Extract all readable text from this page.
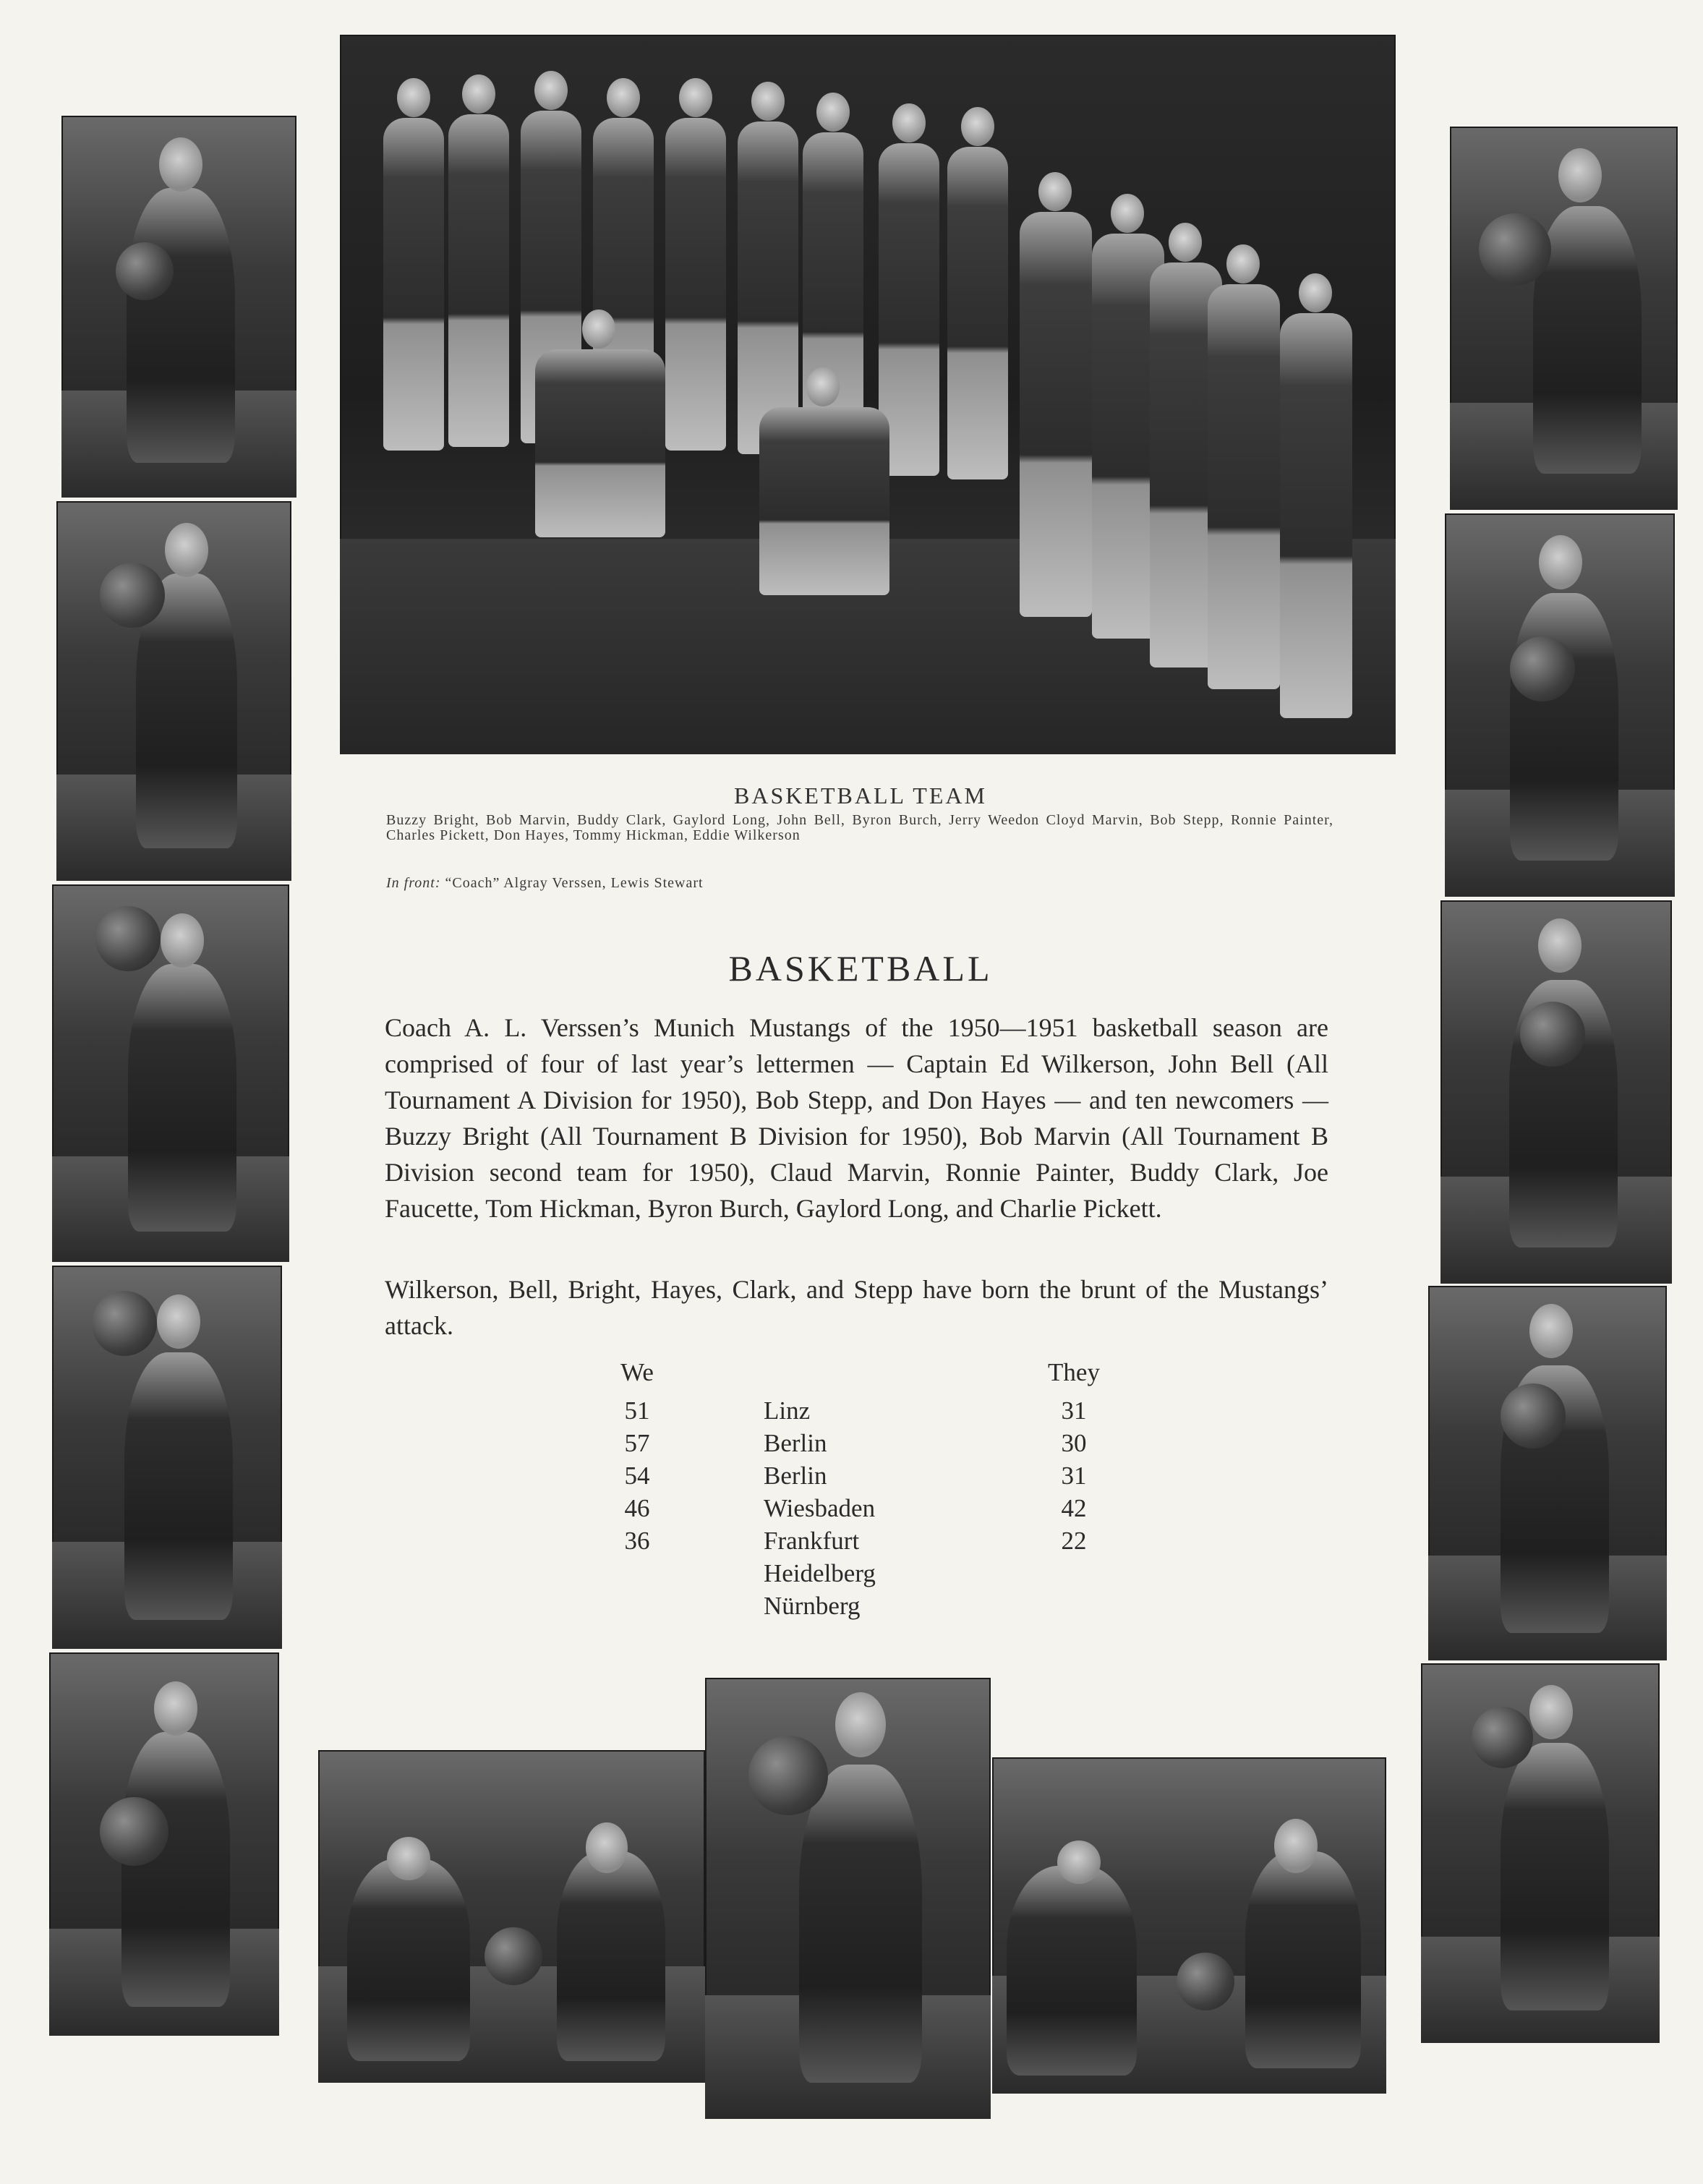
BASKETBALL TEAM
Buzzy Bright, Bob Marvin, Buddy Clark, Gaylord Long, John Bell, Byron Burch, Jerry Weedon Cloyd Marvin, Bob Stepp, Ronnie Painter, Charles Pickett, Don Hayes, Tommy Hickman, Eddie Wilkerson
In front: “Coach” Algray Verssen, Lewis Stewart
BASKETBALL
Coach A. L. Verssen’s Munich Mustangs of the 1950—1951 basketball season are comprised of four of last year’s lettermen — Captain Ed Wilkerson, John Bell (All Tournament A Division for 1950), Bob Stepp, and Don Hayes — and ten newcomers — Buzzy Bright (All Tournament B Division for 1950), Bob Marvin (All Tournament B Division second team for 1950), Claud Marvin, Ronnie Painter, Buddy Clark, Joe Faucette, Tom Hickman, Byron Burch, Gaylord Long, and Charlie Pickett.
Wilkerson, Bell, Bright, Hayes, Clark, and Stepp have born the brunt of the Mustangs’ attack.
We
51
57
54
46
36
Linz
Berlin
Berlin
Wiesbaden
Frankfurt
Heidelberg
Nürnberg
They
31
30
31
42
22
